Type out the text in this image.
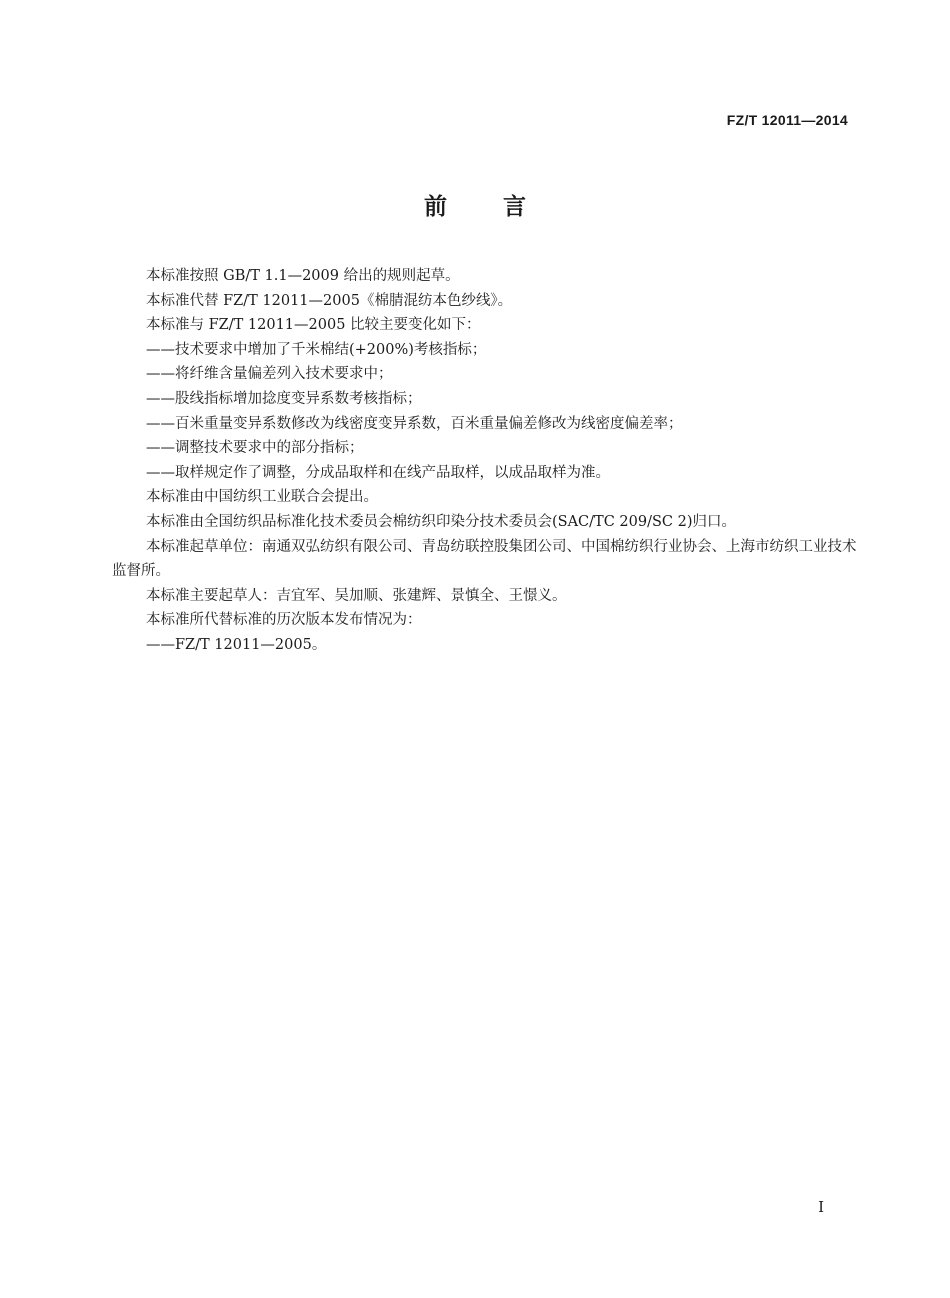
FZ/T 12011—2014

前言

本标准按照 GB/T 1.1—2009 给出的规则起草。

本标准代替 FZ/T 12011—2005《棉腈混纺本色纱线》。

本标准与 FZ/T 12011—2005 比较主要变化如下：

——技术要求中增加了千米棉结(+200%)考核指标；

——将纤维含量偏差列入技术要求中；

——股线指标增加捻度变异系数考核指标；

——百米重量变异系数修改为线密度变异系数，百米重量偏差修改为线密度偏差率；

——调整技术要求中的部分指标；

——取样规定作了调整，分成品取样和在线产品取样，以成品取样为准。

本标准由中国纺织工业联合会提出。

本标准由全国纺织品标准化技术委员会棉纺织印染分技术委员会(SAC/TC 209/SC 2)归口。

本标准起草单位：南通双弘纺织有限公司、青岛纺联控股集团公司、中国棉纺织行业协会、上海市纺织工业技术监督所。

本标准主要起草人：吉宜军、吴加顺、张建辉、景慎全、王憬义。

本标准所代替标准的历次版本发布情况为：

——FZ/T 12011—2005。

I
